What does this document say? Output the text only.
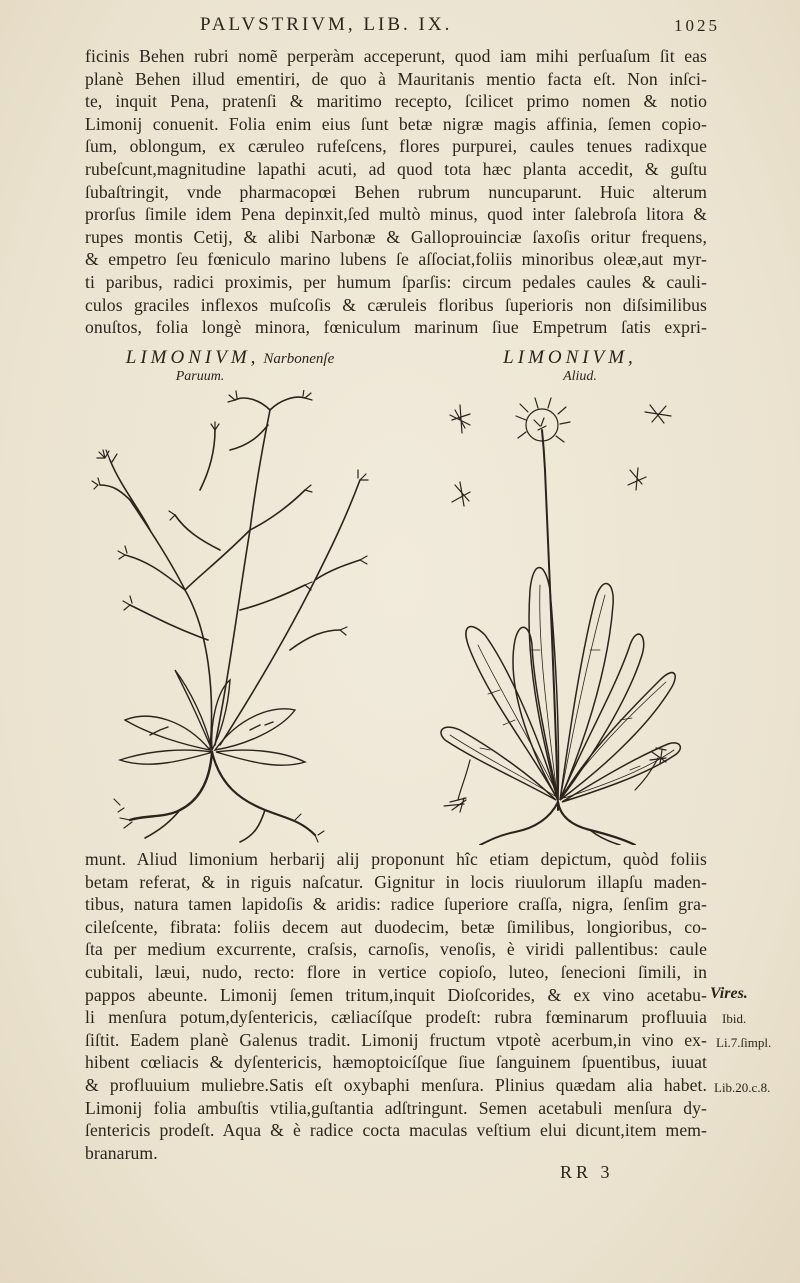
PALVSTRIVM, LIB. IX.	1025
ficinis Behen rubri nomẽ perperàm acceperunt, quod iam mihi perſuaſum ſit eas
planè Behen illud ementiri, de quo à Mauritanis mentio facta eſt. Non inſci-
te, inquit Pena, pratenſi & maritimo recepto, ſcilicet primo nomen & notio
Limonij conuenit. Folia enim eius ſunt betæ nigræ magis affinia, ſemen copio-
ſum, oblongum, ex cæruleo rufeſcens, flores purpurei, caules tenues radixque
rubeſcunt,magnitudine lapathi acuti, ad quod tota hæc planta accedit, & guſtu
ſubaſtringit, vnde pharmacopœi Behen rubrum nuncuparunt. Huic alterum
prorſus ſimile idem Pena depinxit,ſed multò minus, quod inter ſalebroſa litora &
rupes montis Cetij, & alibi Narbonæ & Galloprouinciæ ſaxoſis oritur frequens,
& empetro ſeu fœniculo marino lubens ſe aſſociat,foliis minoribus oleæ,aut myr-
ti paribus, radici proximis, per humum ſparſis: circum pedales caules & cauli-
culos graciles inflexos muſcoſis & cæruleis floribus ſuperioris non diſsimilibus
onuſtos, folia longè minora, fœniculum marinum ſiue Empetrum ſatis expri-
LIMONIVM, Narbonenſe
Paruum.
LIMONIVM,
Aliud.
munt. Aliud limonium herbarij alij proponunt hîc etiam depictum, quòd foliis
betam referat, & in riguis naſcatur. Gignitur in locis riuulorum illapſu maden-
tibus, natura tamen lapidoſis & aridis: radice ſuperiore craſſa, nigra, ſenſim gra-
cileſcente, fibrata: foliis decem aut duodecim, betæ ſimilibus, longioribus, co-
ſta per medium excurrente, craſsis, carnoſis, venoſis, è viridi pallentibus: caule
cubitali, læui, nudo, recto: flore in vertice copioſo, luteo, ſenecioni ſimili, in
pappos abeunte. Limonij ſemen tritum,inquit Dioſcorides, & ex vino acetabu-
li menſura potum,dyſentericis, cæliacíſque prodeſt: rubra fœminarum profluuia
ſiſtit. Eadem planè Galenus tradit. Limonij fructum vtpotè acerbum,in vino ex-
hibent cœliacis & dyſentericis, hæmoptoicíſque ſiue ſanguinem ſpuentibus, iuuat
& profluuium muliebre.Satis eſt oxybaphi menſura. Plinius quædam alia habet.
Limonij folia ambuſtis vtilia,guſtantia adſtringunt. Semen acetabuli menſura dy-
ſentericis prodeſt. Aqua & è radice cocta maculas veſtium elui dicunt,item mem-
branarum.
Vires.
Ibid.
Li.7.ſimpl.
Lib.20.c.8.
RR 3
